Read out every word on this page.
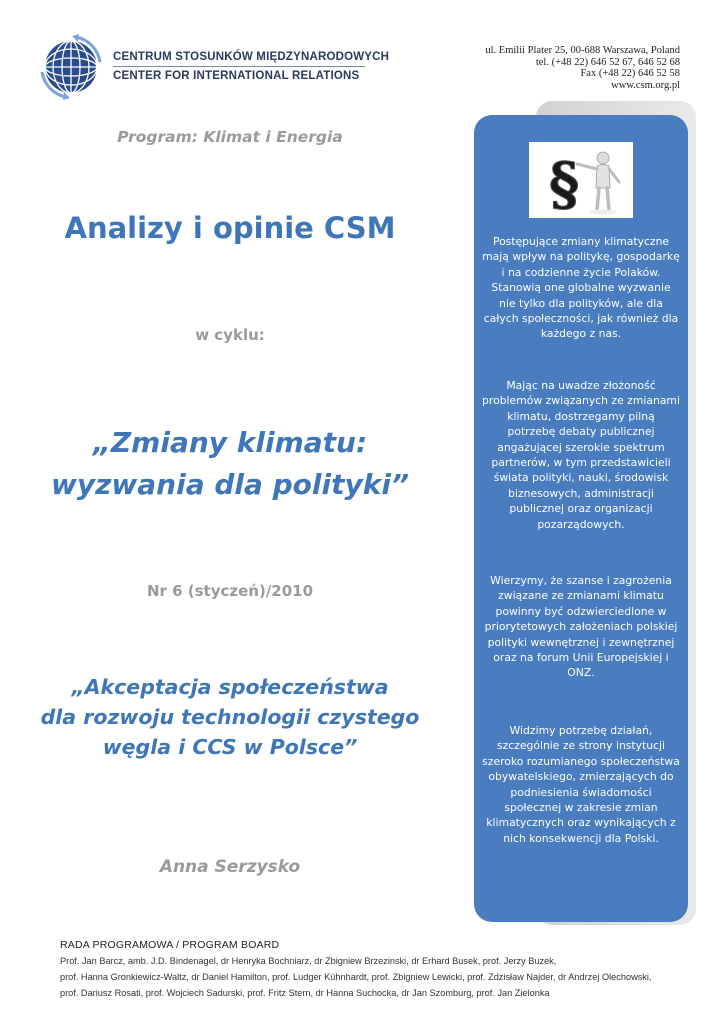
CENTRUM STOSUNKÓW MIĘDZYNARODOWYCH
CENTER FOR INTERNATIONAL RELATIONS
ul. Emilii Plater 25, 00-688 Warszawa, Poland
tel. (+48 22) 646 52 67, 646 52 68
Fax (+48 22) 646 52 58
www.csm.org.pl
Program: Klimat i Energia
Analizy i opinie CSM
w cyklu:
„Zmiany klimatu:
wyzwania dla polityki”
Nr 6 (styczeń)/2010
„Akceptacja społeczeństwa
dla rozwoju technologii czystego
węgla i CCS w Polsce”
Anna Serzysko
§
Postępujące zmiany klimatyczne mają wpływ na politykę, gospodarkę i na codzienne życie Polaków. Stanowią one globalne wyzwanie nie tylko dla polityków, ale dla całych społeczności, jak również dla każdego z nas.
Mając na uwadze złożoność problemów związanych ze zmianami klimatu, dostrzegamy pilną potrzebę debaty publicznej angażującej szerokie spektrum partnerów, w tym przedstawicieli świata polityki, nauki, środowisk biznesowych, administracji publicznej oraz organizacji pozarządowych.
Wierzymy, że szanse i zagrożenia związane ze zmianami klimatu powinny być odzwierciedlone w priorytetowych założeniach polskiej polityki wewnętrznej i zewnętrznej oraz na forum Unii Europejskiej i ONZ.
Widzimy potrzebę działań, szczególnie ze strony instytucji szeroko rozumianego społeczeństwa obywatelskiego, zmierzających do podniesienia świadomości społecznej w zakresie zmian klimatycznych oraz wynikających z nich konsekwencji dla Polski.
RADA PROGRAMOWA / PROGRAM BOARD
Prof. Jan Barcz, amb. J.D. Bindenagel, dr Henryka Bochniarz, dr Zbigniew Brzezinski, dr Erhard Busek, prof. Jerzy Buzek,
prof. Hanna Gronkiewicz-Waltz, dr Daniel Hamilton, prof. Ludger Kühnhardt, prof. Zbigniew Lewicki, prof. Zdzisław Najder, dr Andrzej Olechowski,
prof. Dariusz Rosati, prof. Wojciech Sadurski, prof. Fritz Stern, dr Hanna Suchocka, dr Jan Szomburg, prof. Jan Zielonka
